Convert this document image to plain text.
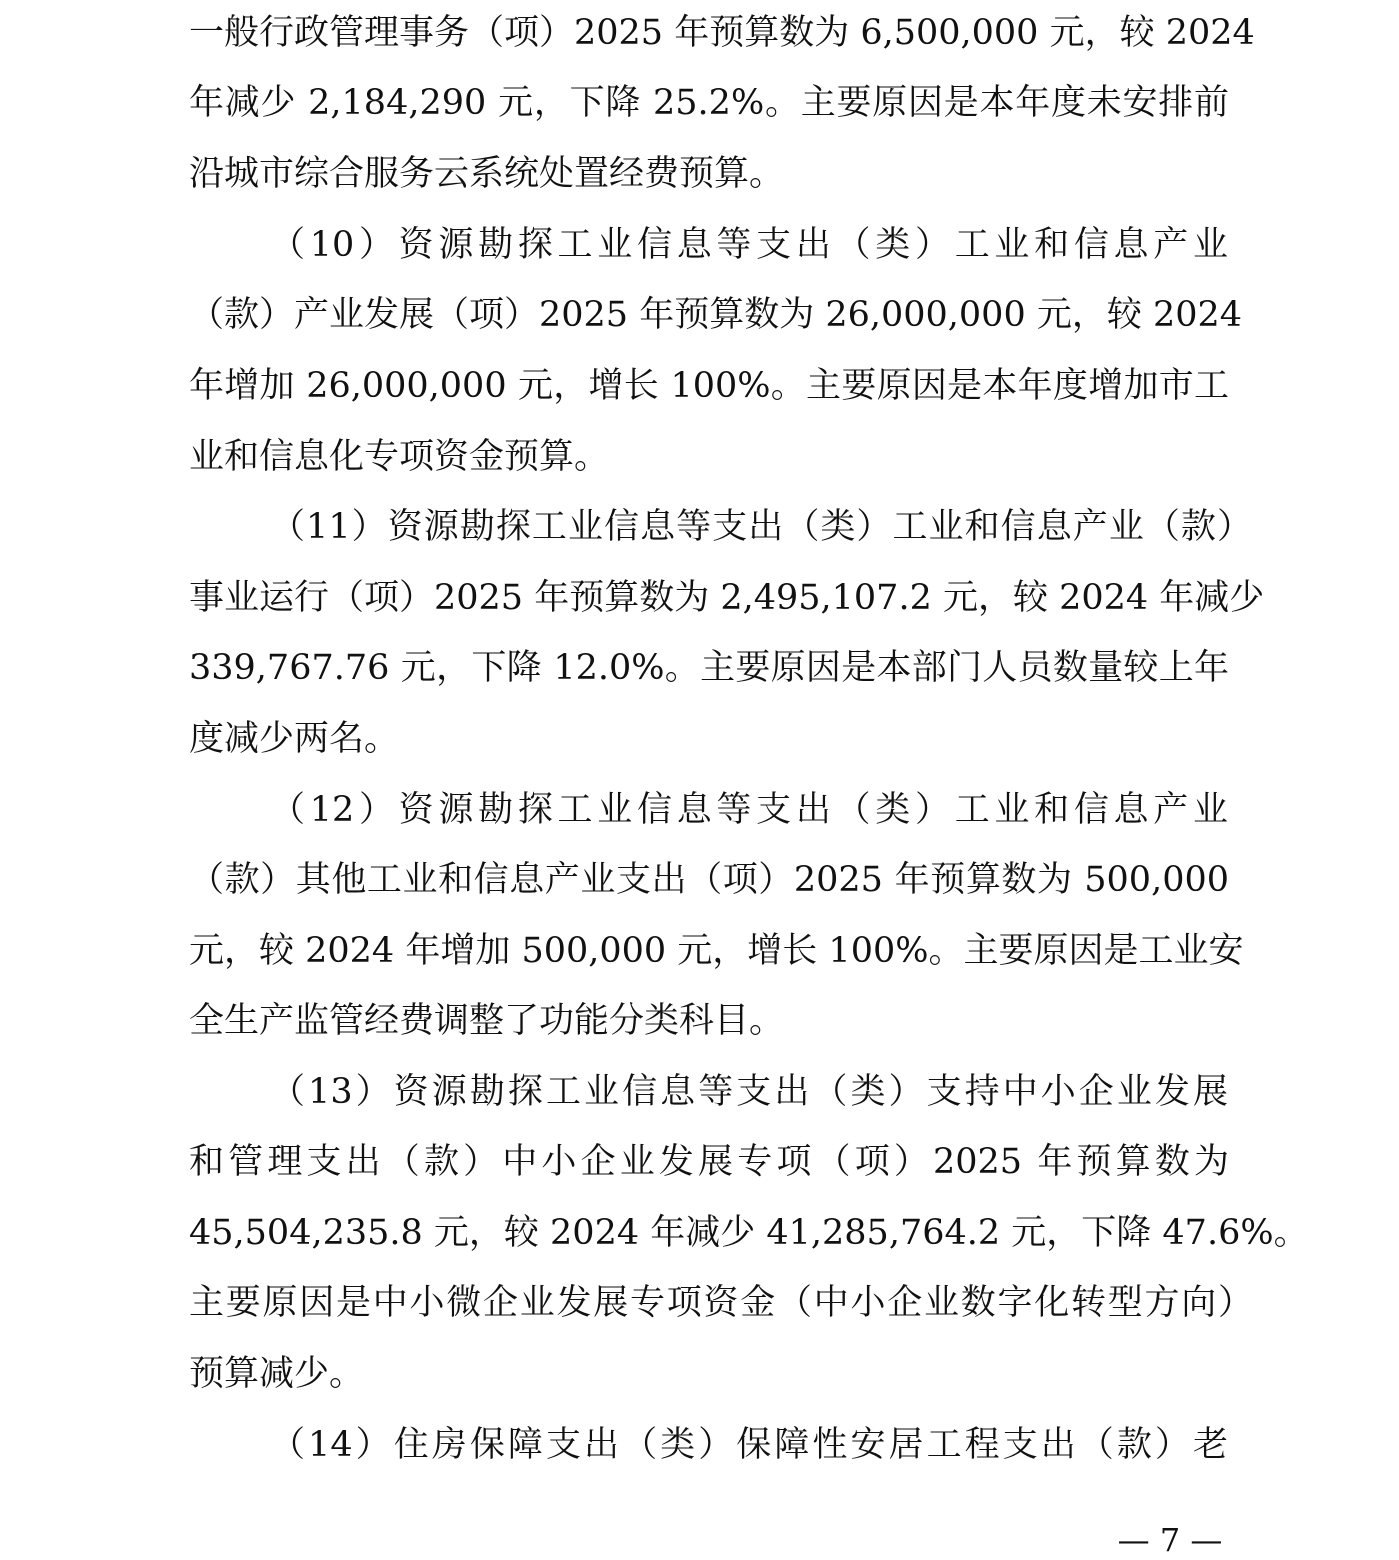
一般行政管理事务（项）2025 年预算数为 6,500,000 元，较 2024
年减少 2,184,290 元，下降 25.2%。主要原因是本年度未安排前
沿城市综合服务云系统处置经费预算。
（10）资源勘探工业信息等支出（类）工业和信息产业
（款）产业发展（项）2025 年预算数为 26,000,000 元，较 2024
年增加 26,000,000 元，增长 100%。主要原因是本年度增加市工
业和信息化专项资金预算。
（11）资源勘探工业信息等支出（类）工业和信息产业（款）
事业运行（项）2025 年预算数为 2,495,107.2 元，较 2024 年减少
339,767.76 元，下降 12.0%。主要原因是本部门人员数量较上年
度减少两名。
（12）资源勘探工业信息等支出（类）工业和信息产业
（款）其他工业和信息产业支出（项）2025 年预算数为 500,000
元，较 2024 年增加 500,000 元，增长 100%。主要原因是工业安
全生产监管经费调整了功能分类科目。
（13）资源勘探工业信息等支出（类）支持中小企业发展
和管理支出（款）中小企业发展专项（项）2025 年预算数为
45,504,235.8 元，较 2024 年减少 41,285,764.2 元，下降 47.6%。
主要原因是中小微企业发展专项资金（中小企业数字化转型方向）
预算减少。
（14）住房保障支出（类）保障性安居工程支出（款）老
— 7 —
